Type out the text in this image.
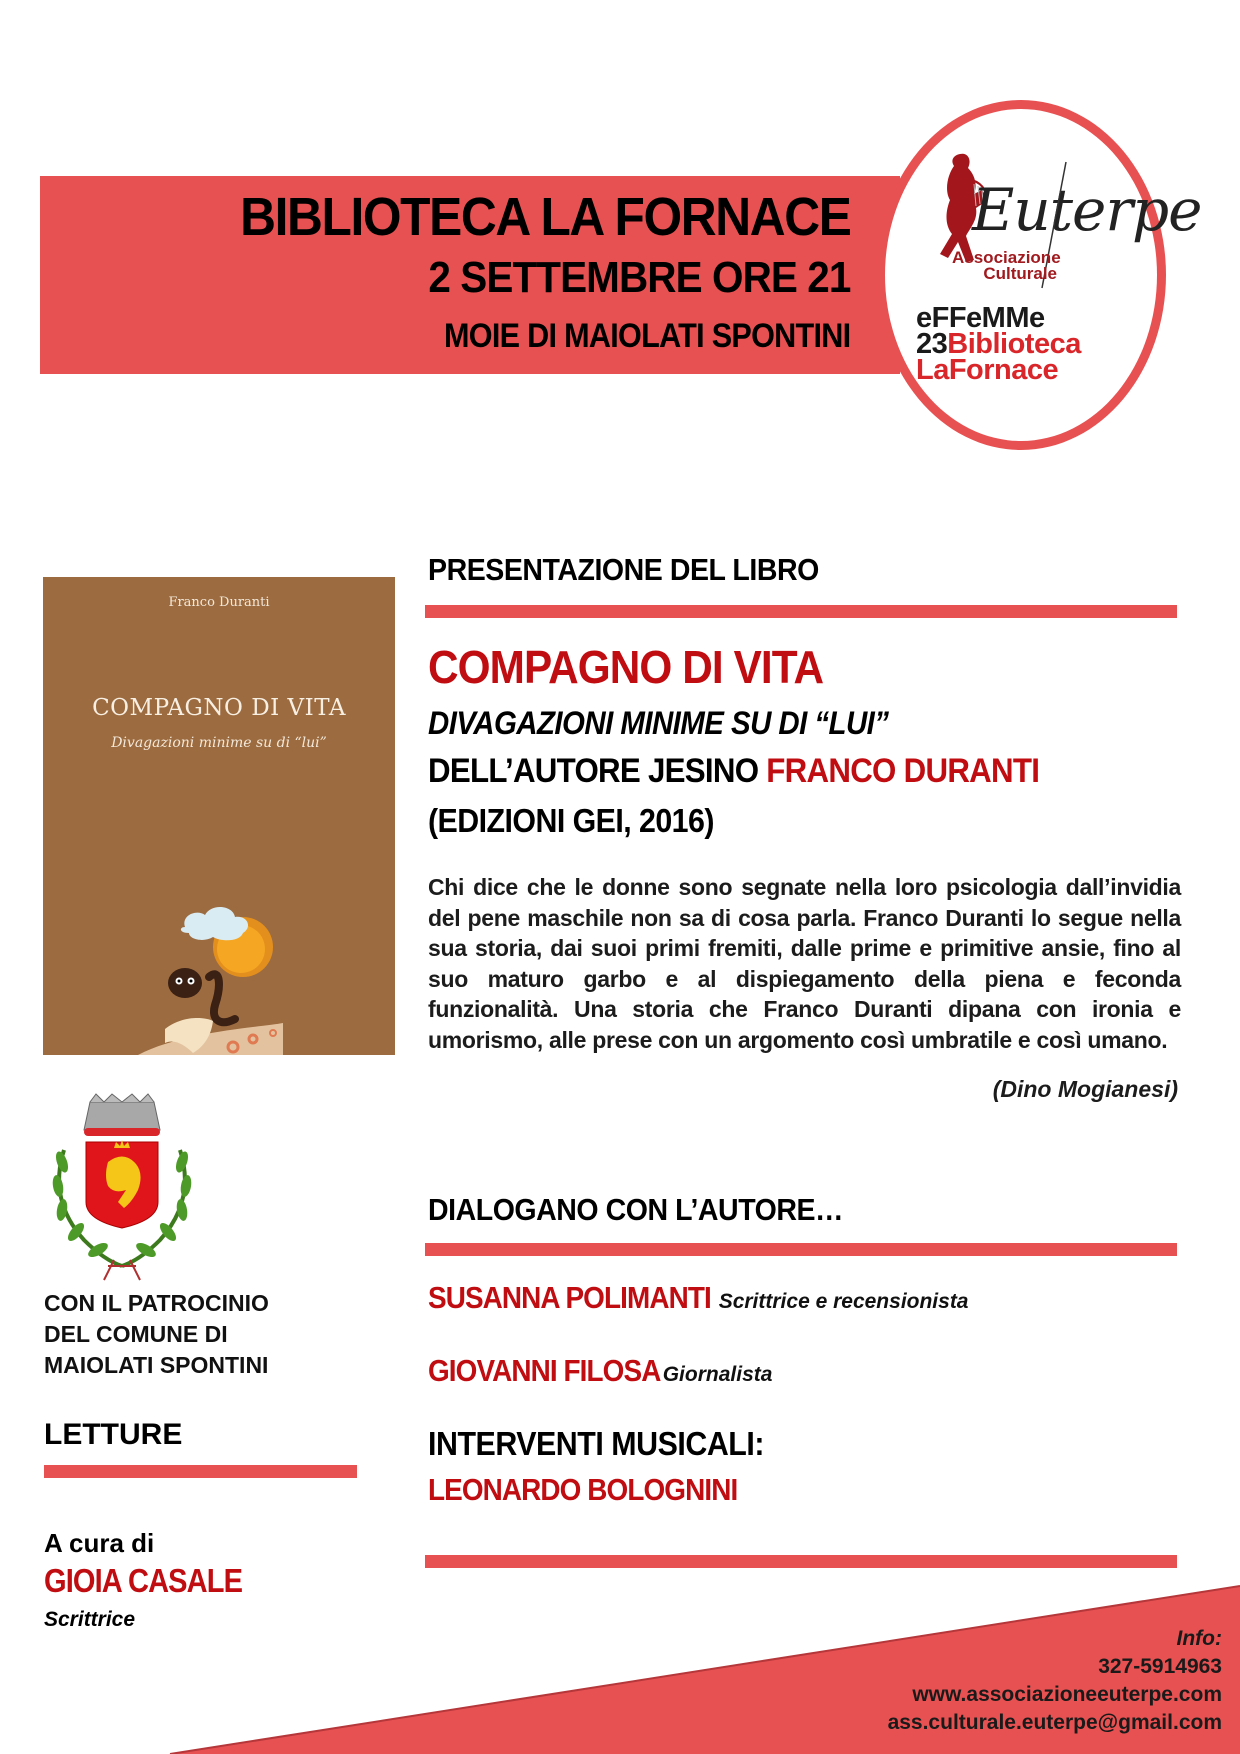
BIBLIOTECA LA FORNACE
2 SETTEMBRE ORE 21
MOIE DI MAIOLATI SPONTINI
Euterpe
Associazione
Culturale
eFFeMMe
23Biblioteca
LaFornace
Franco Duranti
COMPAGNO DI VITA
Divagazioni minime su di “lui”
PRESENTAZIONE DEL LIBRO
COMPAGNO DI VITA
DIVAGAZIONI MINIME SU DI “LUI”
DELL’AUTORE JESINO FRANCO DURANTI
(EDIZIONI GEI, 2016)
Chi dice che le donne sono segnate nella loro psicologia dall’invidia del pene maschile non sa di cosa parla. Franco Duranti lo segue nella sua storia, dai suoi primi fremiti, dalle prime e primitive ansie, fino al suo maturo garbo e al dispiegamento della piena e feconda funzionalità. Una storia che Franco Duranti dipana con ironia e umorismo, alle prese con un argomento così umbratile e così umano.
(Dino Mogianesi)
DIALOGANO CON L’AUTORE…
SUSANNA POLIMANTI Scrittrice e recensionista
GIOVANNI FILOSA Giornalista
INTERVENTI MUSICALI:
LEONARDO BOLOGNINI
CON IL PATROCINIO
DEL COMUNE DI
MAIOLATI SPONTINI
LETTURE
A cura di
GIOIA CASALE
Scrittrice
Info:
327-5914963
www.associazioneeuterpe.com
ass.culturale.euterpe@gmail.com
